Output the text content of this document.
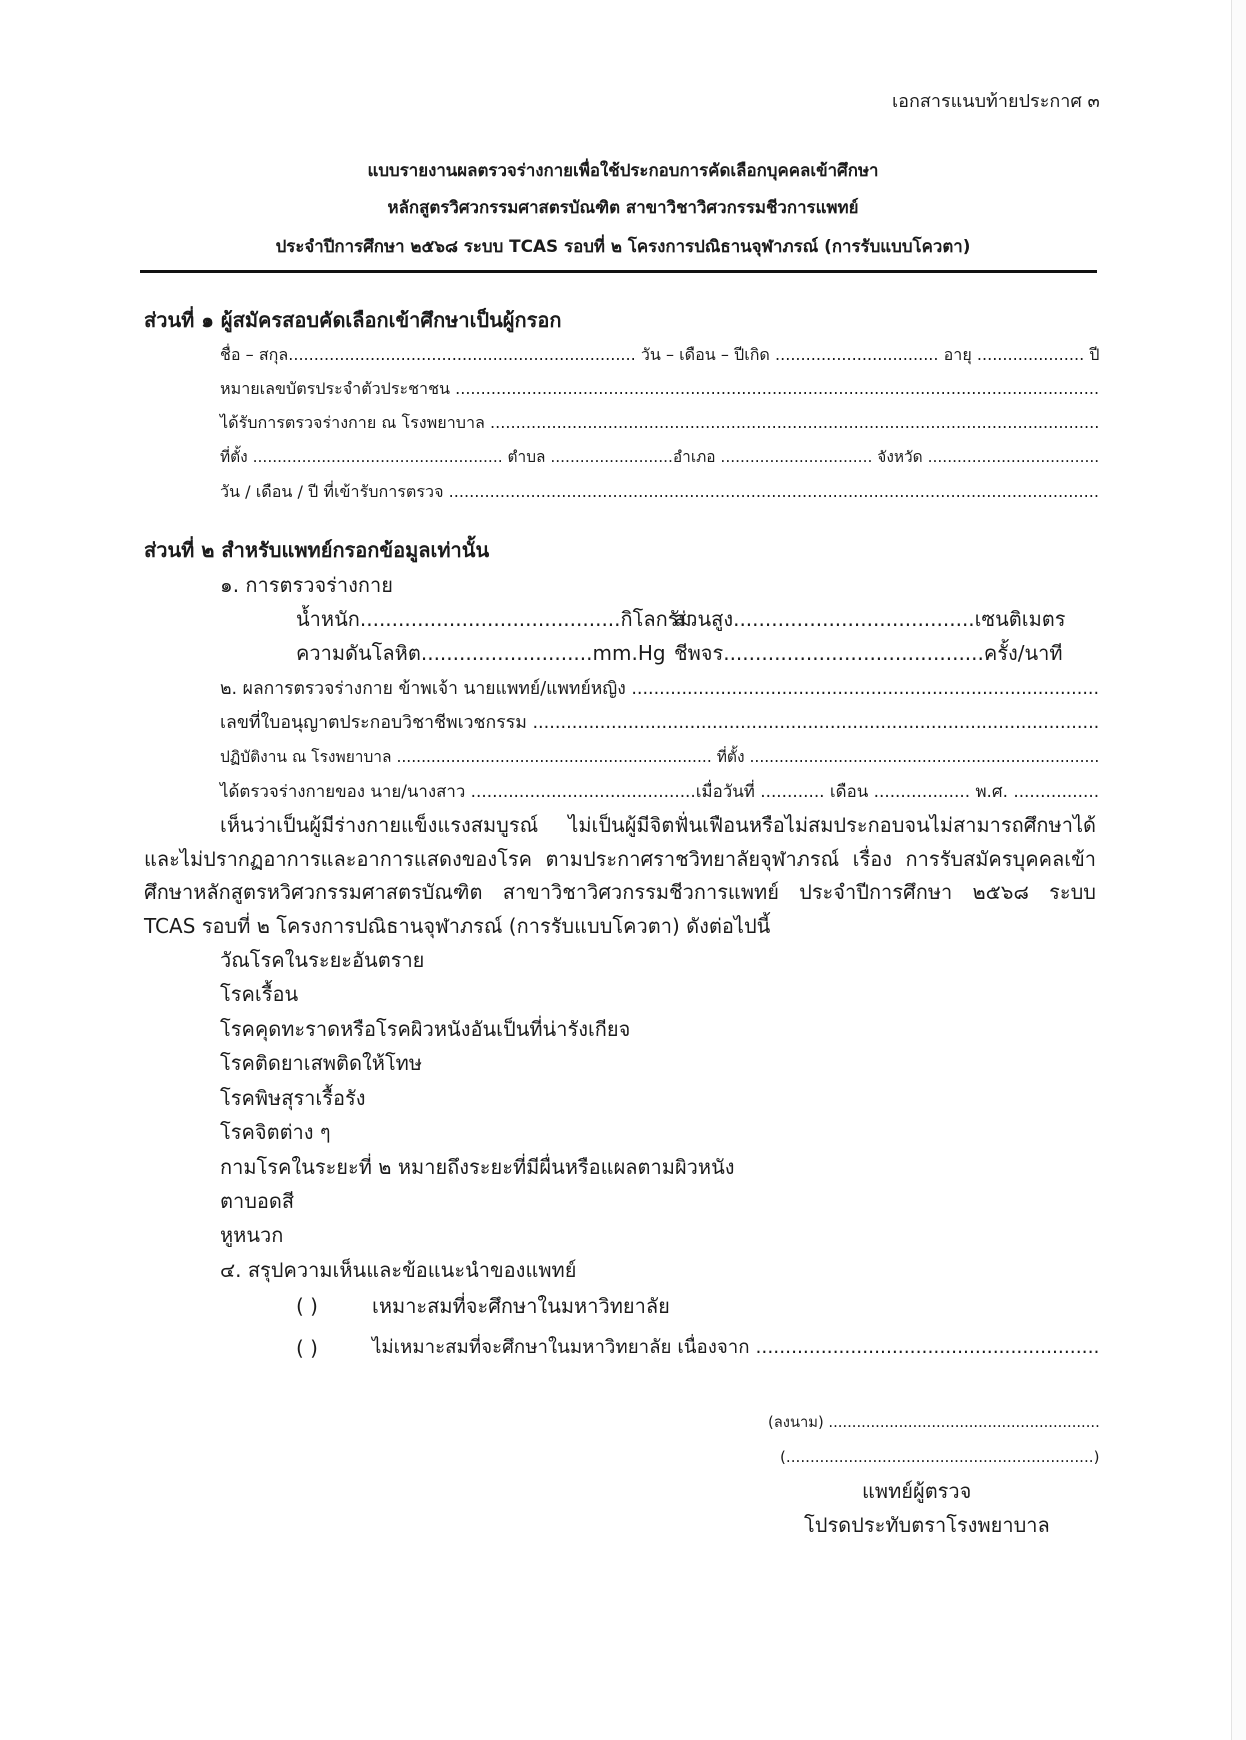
เอกสารแนบท้ายประกาศ ๓
แบบรายงานผลตรวจร่างกายเพื่อใช้ประกอบการคัดเลือกบุคคลเข้าศึกษา
หลักสูตรวิศวกรรมศาสตรบัณฑิต สาขาวิชาวิศวกรรมชีวการแพทย์
ประจำปีการศึกษา ๒๕๖๘ ระบบ TCAS รอบที่ ๒ โครงการปณิธานจุฬาภรณ์ (การรับแบบโควตา)
ส่วนที่ ๑ ผู้สมัครสอบคัดเลือกเข้าศึกษาเป็นผู้กรอก
ชื่อ – สกุล.................................................................... วัน – เดือน – ปีเกิด ................................ อายุ ..................... ปี
หมายเลขบัตรประจำตัวประชาชน ..............................................................................................................................
ได้รับการตรวจร่างกาย ณ โรงพยาบาล .......................................................................................................................
ที่ตั้ง ................................................... ตำบล .........................อำเภอ ............................... จังหวัด ...................................
วัน / เดือน / ปี ที่เข้ารับการตรวจ ...............................................................................................................................
ส่วนที่ ๒ สำหรับแพทย์กรอกข้อมูลเท่านั้น
๑. การตรวจร่างกาย
น้ำหนัก.........................................กิโลกรัม
ส่วนสูง......................................เซนติเมตร
ความดันโลหิต...........................mm.Hg ชีพจร.........................................ครั้ง/นาที
๒. ผลการตรวจร่างกาย ข้าพเจ้า นายแพทย์/แพทย์หญิง ....................................................................................
เลขที่ใบอนุญาตประกอบวิชาชีพเวชกรรม .....................................................................................................
ปฏิบัติงาน ณ โรงพยาบาล ................................................................ ที่ตั้ง .......................................................................
ได้ตรวจร่างกายของ นาย/นางสาว ..........................................เมื่อวันที่ ............ เดือน .................. พ.ศ. ................

เห็นว่าเป็นผู้มีร่างกายแข็งแรงสมบูรณ์ ไม่เป็นผู้มีจิตฟั่นเฟือนหรือไม่สมประกอบจนไม่สามารถศึกษาได้ และไม่ปรากฏอาการและอาการแสดงของโรค ตามประกาศราชวิทยาลัยจุฬาภรณ์ เรื่อง การรับสมัครบุคคลเข้าศึกษาหลักสูตรหวิศวกรรมศาสตรบัณฑิต สาขาวิชาวิศวกรรมชีวการแพทย์ ประจำปีการศึกษา ๒๕๖๘ ระบบ TCAS รอบที่ ๒ โครงการปณิธานจุฬาภรณ์ (การรับแบบโควตา) ดังต่อไปนี้

วัณโรคในระยะอันตราย
โรคเรื้อน
โรคคุดทะราดหรือโรคผิวหนังอันเป็นที่น่ารังเกียจ
โรคติดยาเสพติดให้โทษ
โรคพิษสุราเรื้อรัง
โรคจิตต่าง ๆ
กามโรคในระยะที่ ๒ หมายถึงระยะที่มีผื่นหรือแผลตามผิวหนัง
ตาบอดสี
หูหนวก
๔. สรุปความเห็นและข้อแนะนำของแพทย์
( )	เหมาะสมที่จะศึกษาในมหาวิทยาลัย
( )	ไม่เหมาะสมที่จะศึกษาในมหาวิทยาลัย เนื่องจาก ..........................................................
(ลงนาม) ..........................................................
(................................................................)
แพทย์ผู้ตรวจ
โปรดประทับตราโรงพยาบาล
